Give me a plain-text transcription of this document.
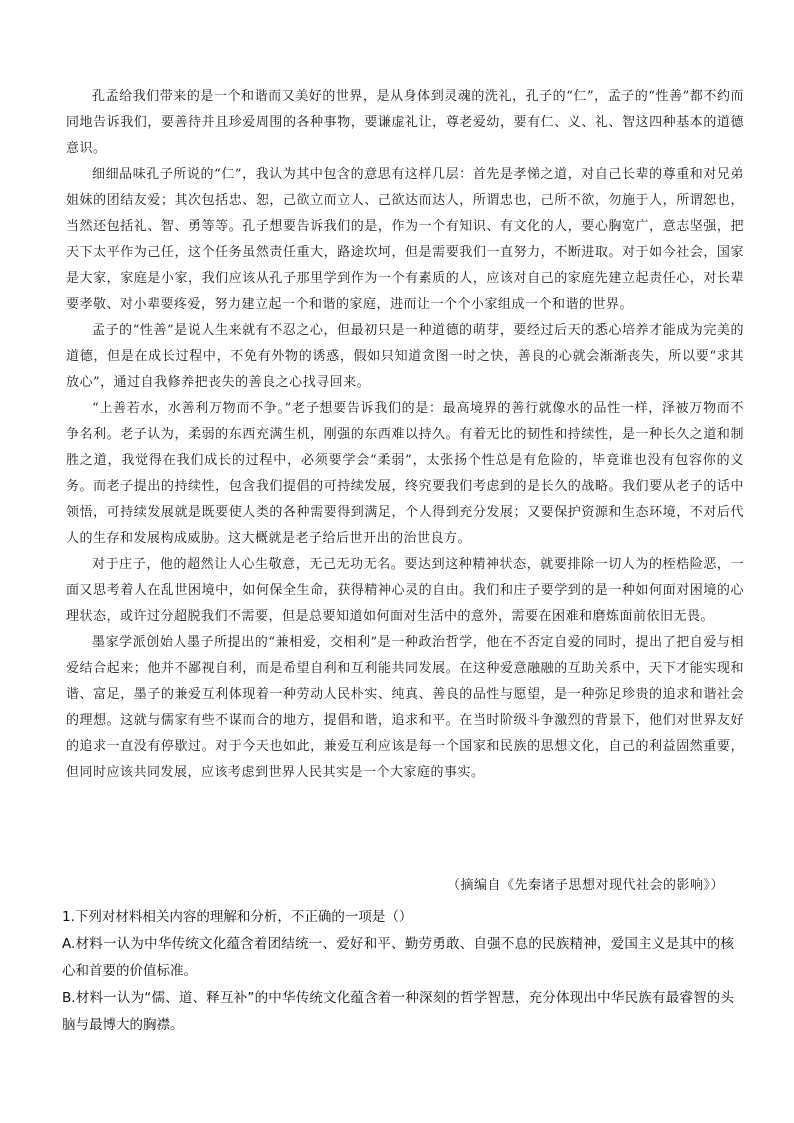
孔孟给我们带来的是一个和谐而又美好的世界，是从身体到灵魂的洗礼，孔子的“仁”，孟子的“性善”都不约而同地告诉我们，要善待并且珍爱周围的各种事物，要谦虚礼让，尊老爱幼，要有仁、义、礼、智这四种基本的道德意识。

细细品味孔子所说的“仁”，我认为其中包含的意思有这样几层：首先是孝悌之道，对自己长辈的尊重和对兄弟姐妹的团结友爱；其次包括忠、恕，己欲立而立人、己欲达而达人，所谓忠也，己所不欲，勿施于人，所谓恕也，当然还包括礼、智、勇等等。孔子想要告诉我们的是，作为一个有知识、有文化的人，要心胸宽广，意志坚强，把天下太平作为己任，这个任务虽然责任重大，路途坎坷，但是需要我们一直努力，不断进取。对于如今社会，国家是大家，家庭是小家，我们应该从孔子那里学到作为一个有素质的人，应该对自己的家庭先建立起责任心，对长辈要孝敬、对小辈要疼爱，努力建立起一个和谐的家庭，进而让一个个小家组成一个和谐的世界。

孟子的“性善”是说人生来就有不忍之心，但最初只是一种道德的萌芽，要经过后天的悉心培养才能成为完美的道德，但是在成长过程中，不免有外物的诱惑，假如只知道贪图一时之快，善良的心就会渐渐丧失，所以要“求其放心”，通过自我修养把丧失的善良之心找寻回来。

“上善若水，水善利万物而不争。”老子想要告诉我们的是：最高境界的善行就像水的品性一样，泽被万物而不争名利。老子认为，柔弱的东西充满生机，刚强的东西难以持久。有着无比的韧性和持续性，是一种长久之道和制胜之道，我觉得在我们成长的过程中，必须要学会“柔弱”，太张扬个性总是有危险的，毕竟谁也没有包容你的义务。而老子提出的持续性，包含我们提倡的可持续发展，终究要我们考虑到的是长久的战略。我们要从老子的话中领悟，可持续发展就是既要使人类的各种需要得到满足，个人得到充分发展；又要保护资源和生态环境，不对后代人的生存和发展构成威胁。这大概就是老子给后世开出的治世良方。

对于庄子，他的超然让人心生敬意，无己无功无名。要达到这种精神状态，就要排除一切人为的桎梏险恶，一面又思考着人在乱世困境中，如何保全生命，获得精神心灵的自由。我们和庄子要学到的是一种如何面对困境的心理状态，或许过分超脱我们不需要，但是总要知道如何面对生活中的意外，需要在困难和磨炼面前依旧无畏。

墨家学派创始人墨子所提出的“兼相爱，交相利”是一种政治哲学，他在不否定自爱的同时，提出了把自爱与相爱结合起来；他并不鄙视自利，而是希望自利和互利能共同发展。在这种爱意融融的互助关系中，天下才能实现和谐、富足，墨子的兼爱互利体现着一种劳动人民朴实、纯真、善良的品性与愿望，是一种弥足珍贵的追求和谐社会的理想。这就与儒家有些不谋而合的地方，提倡和谐，追求和平。在当时阶级斗争激烈的背景下，他们对世界友好的追求一直没有停歇过。对于今天也如此，兼爱互利应该是每一个国家和民族的思想文化，自己的利益固然重要，但同时应该共同发展，应该考虑到世界人民其实是一个大家庭的事实。

（摘编自《先秦诸子思想对现代社会的影响》）

1.下列对材料相关内容的理解和分析，不正确的一项是（）

A.材料一认为中华传统文化蕴含着团结统一、爱好和平、勤劳勇敢、自强不息的民族精神，爱国主义是其中的核心和首要的价值标准。

B.材料一认为“儒、道、释互补”的中华传统文化蕴含着一种深刻的哲学智慧，充分体现出中华民族有最睿智的头脑与最博大的胸襟。
